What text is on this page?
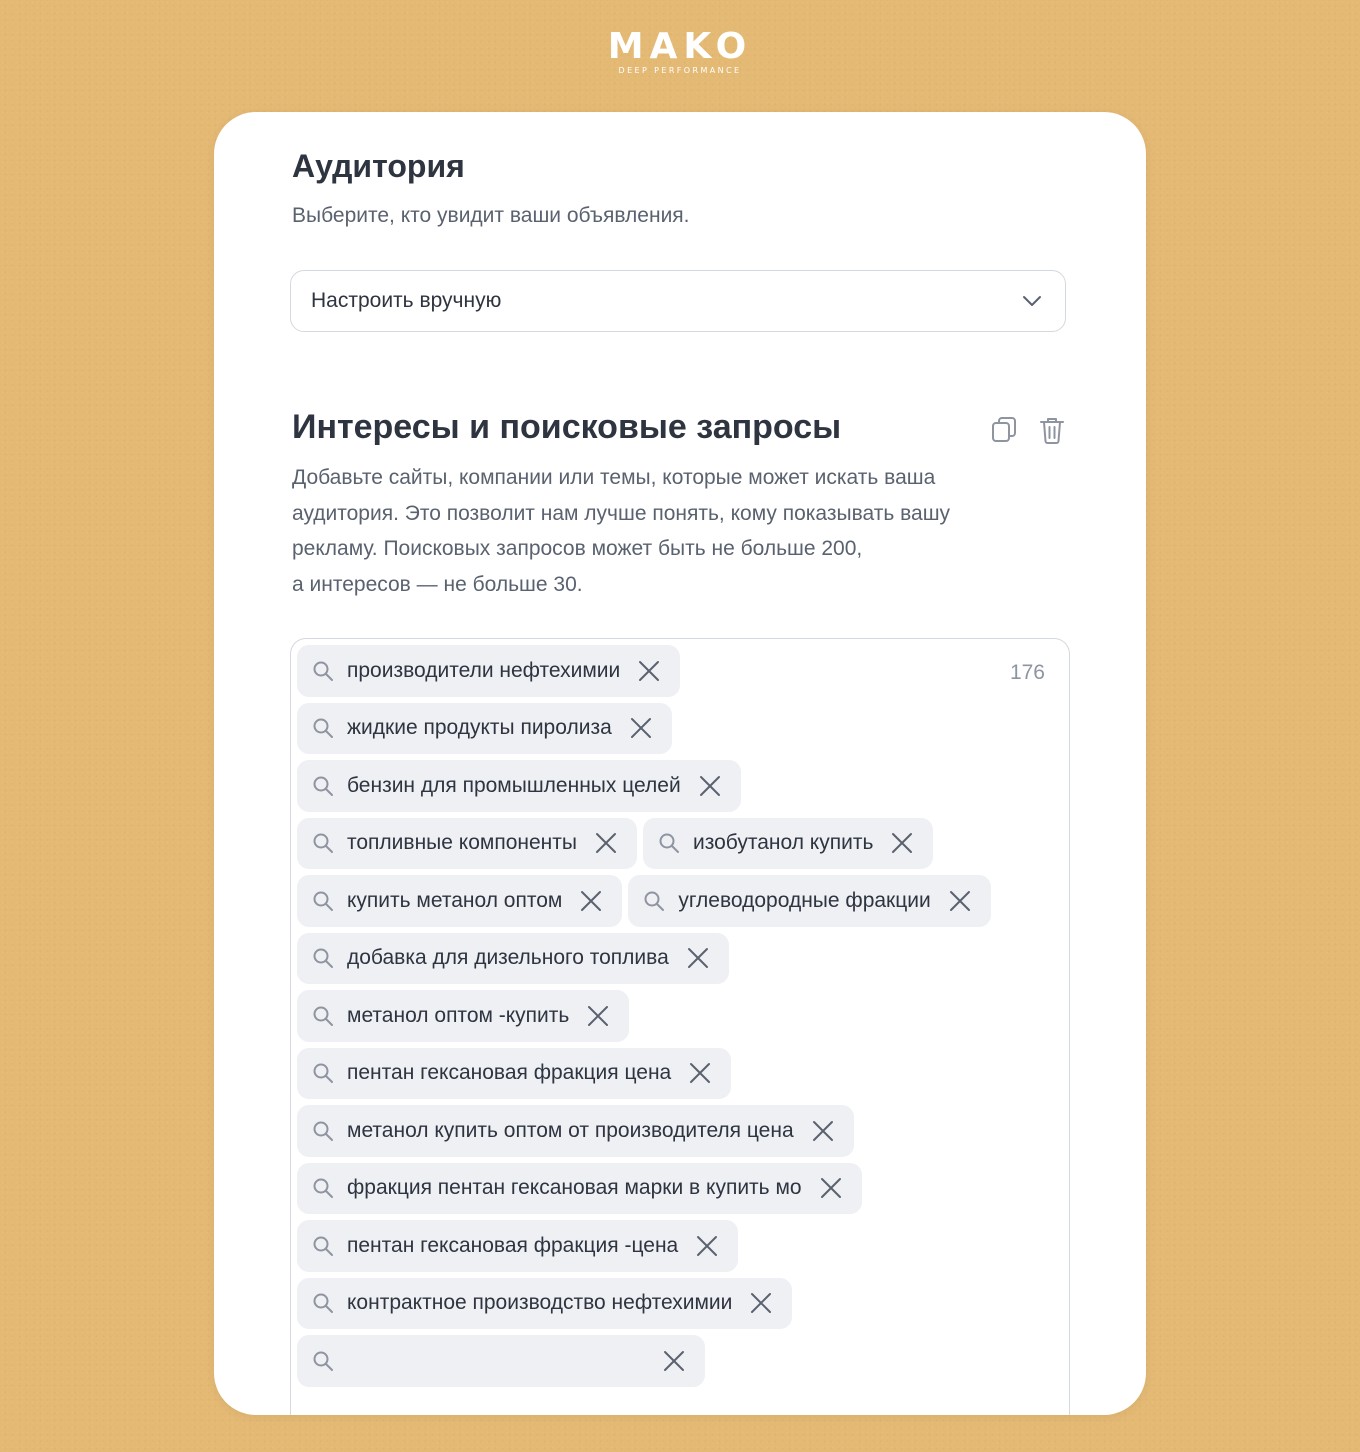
MAKO
DEEP PERFORMANCE
Аудитория

Выберите, кто увидит ваши объявления.

Настроить вручную
Интересы и поисковые запросы

Добавьте сайты, компании или темы, которые может искать ваша
аудитория. Это позволит нам лучше понять, кому показывать вашу
рекламу. Поисковых запросов может быть не больше 200,
а интересов — не больше 30.

176
производители нефтехимии
жидкие продукты пиролиза
бензин для промышленных целей
топливные компоненты	изобутанол купить
купить метанол оптом	углеводородные фракции
добавка для дизельного топлива
метанол оптом -купить
пентан гексановая фракция цена
метанол купить оптом от производителя цена
фракция пентан гексановая марки в купить мо
пентан гексановая фракция -цена
контрактное производство нефтехимии
